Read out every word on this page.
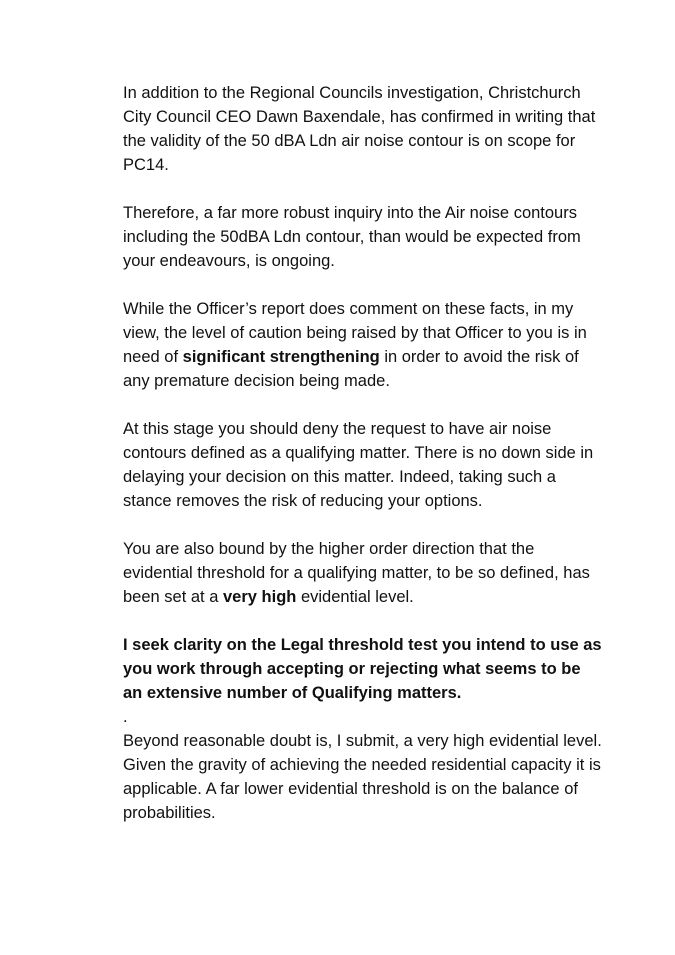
In addition to the Regional Councils investigation, Christchurch City Council CEO Dawn Baxendale, has confirmed in writing that the validity of the 50 dBA Ldn air noise contour is on scope for PC14.

Therefore, a far more robust inquiry into the Air noise contours including the 50dBA Ldn contour, than would be expected from your endeavours, is ongoing.

While the Officer’s report does comment on these facts, in my view, the level of caution being raised by that Officer to you is in need of significant strengthening in order to avoid the risk of any premature decision being made.

At this stage you should deny the request to have air noise contours defined as a qualifying matter. There is no down side in delaying your decision on this matter. Indeed, taking such a stance removes the risk of reducing your options.

You are also bound by the higher order direction that the evidential threshold for a qualifying matter, to be so defined, has been set at a very high evidential level.

I seek clarity on the Legal threshold test you intend to use as you work through accepting or rejecting what seems to be an extensive number of Qualifying matters.

.

Beyond reasonable doubt is, I submit, a very high evidential level. Given the gravity of achieving the needed residential capacity it is applicable. A far lower evidential threshold is on the balance of probabilities.
